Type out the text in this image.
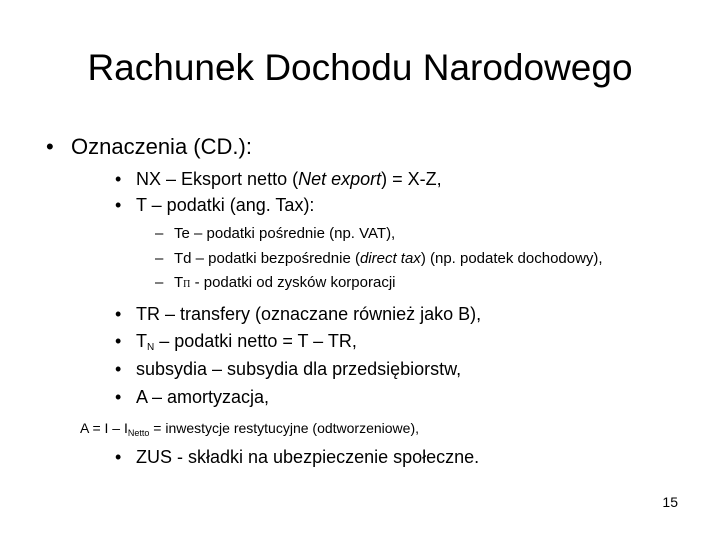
Rachunek Dochodu Narodowego
• Oznaczenia (CD.):
• NX – Eksport netto (Net export) = X-Z,
• T – podatki (ang. Tax):
– Te – podatki pośrednie (np. VAT),
– Td – podatki bezpośrednie (direct tax) (np. podatek dochodowy),
– TΠ - podatki od zysków korporacji
• TR – transfery (oznaczane również jako B),
• $T_N$ – podatki netto = T – TR,
• subsydia – subsydia dla przedsiębiorstw,
• A – amortyzacja,
$A = I - I_{Netto}$ = inwestycje restytucyjne (odtworzeniowe),
• ZUS - składki na ubezpieczenie społeczne.
15
